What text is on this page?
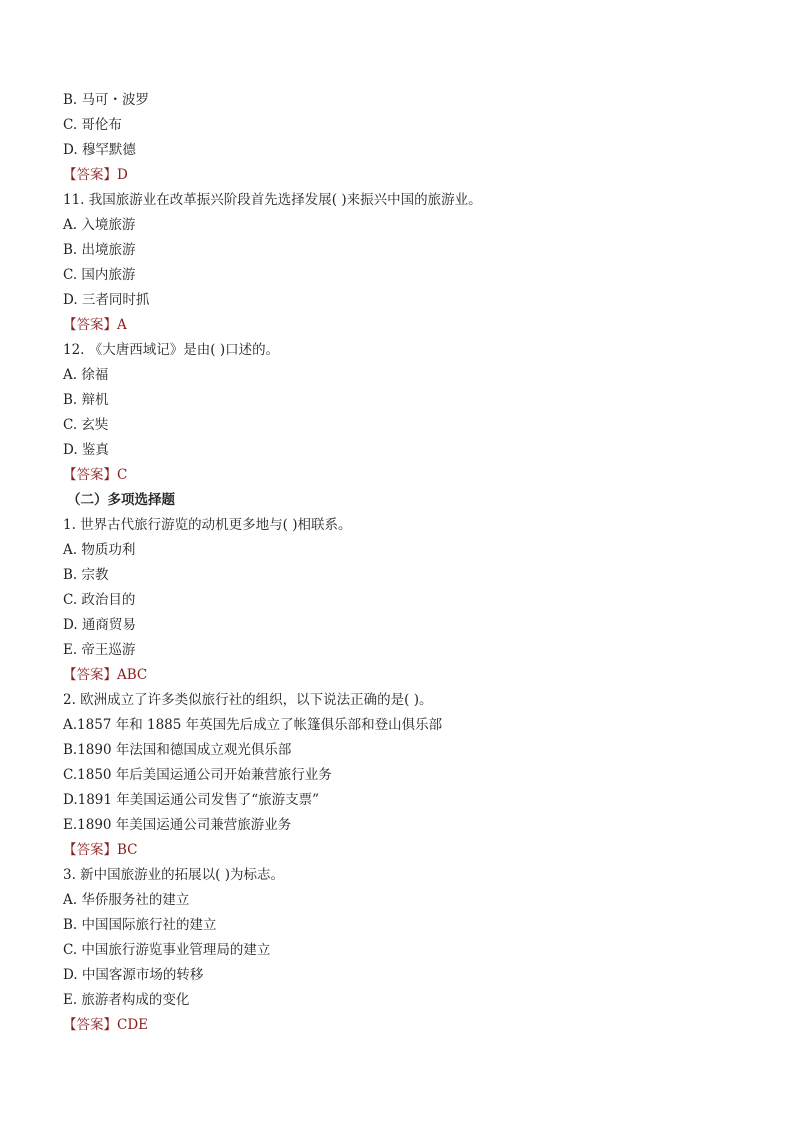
B. 马可・波罗
C. 哥伦布
D. 穆罕默德
【答案】D
11. 我国旅游业在改革振兴阶段首先选择发展( )来振兴中国的旅游业。
A. 入境旅游
B. 出境旅游
C. 国内旅游
D. 三者同时抓
【答案】A
12. 《大唐西域记》是由( )口述的。
A. 徐福
B. 辩机
C. 玄奘
D. 鉴真
【答案】C
（二）多项选择题
1. 世界古代旅行游览的动机更多地与( )相联系。
A. 物质功利
B. 宗教
C. 政治目的
D. 通商贸易
E. 帝王巡游
【答案】ABC
2. 欧洲成立了许多类似旅行社的组织，以下说法正确的是( )。
A.1857 年和 1885 年英国先后成立了帐篷俱乐部和登山俱乐部
B.1890 年法国和德国成立观光俱乐部
C.1850 年后美国运通公司开始兼营旅行业务
D.1891 年美国运通公司发售了“旅游支票”
E.1890 年美国运通公司兼营旅游业务
【答案】BC
3. 新中国旅游业的拓展以( )为标志。
A. 华侨服务社的建立
B. 中国国际旅行社的建立
C. 中国旅行游览事业管理局的建立
D. 中国客源市场的转移
E. 旅游者构成的变化
【答案】CDE
